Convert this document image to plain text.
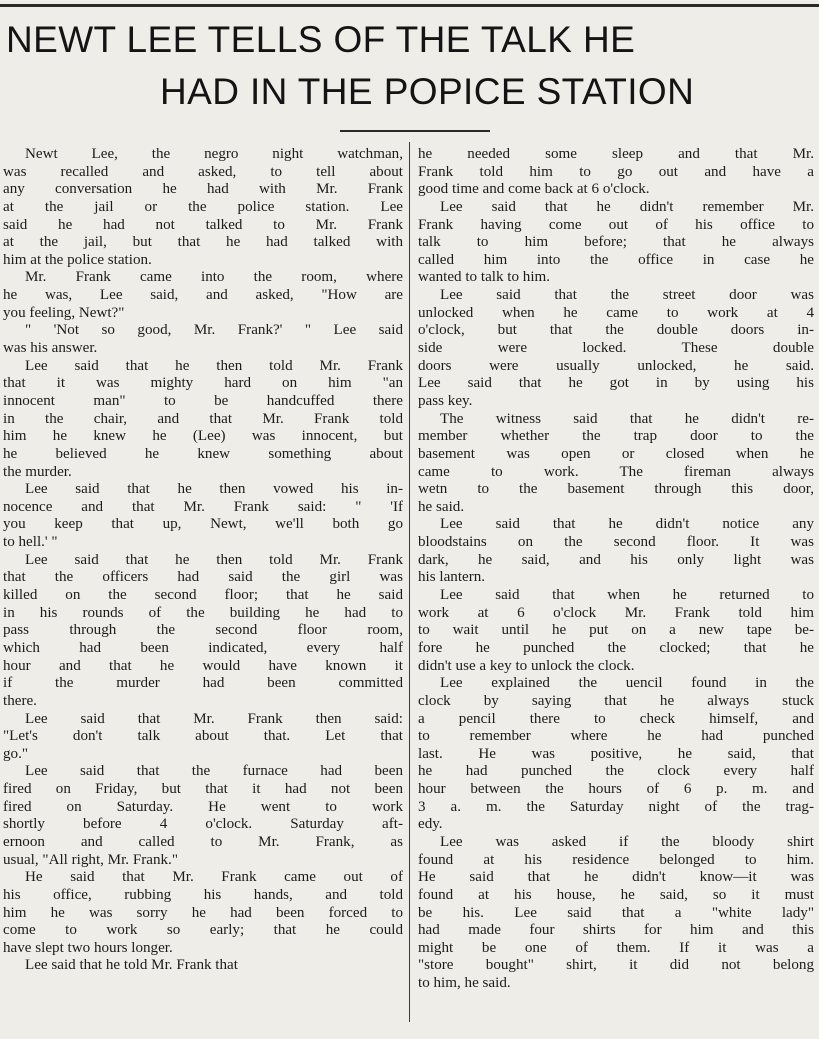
NEWT LEE TELLS OF THE TALK HE
HAD IN THE POPICE STATION

Newt Lee, the negro night watchman,
was recalled and asked, to tell about
any conversation he had with Mr. Frank
at the jail or the police station. Lee
said he had not talked to Mr. Frank
at the jail, but that he had talked with
him at the police station.

Mr. Frank came into the room, where
he was, Lee said, and asked, "How are
you feeling, Newt?"

" 'Not so good, Mr. Frank?' " Lee said
was his answer.

Lee said that he then told Mr. Frank
that it was mighty hard on him "an
innocent man" to be handcuffed there
in the chair, and that Mr. Frank told
him he knew he (Lee) was innocent, but
he believed he knew something about
the murder.

Lee said that he then vowed his in-
nocence and that Mr. Frank said: " 'If
you keep that up, Newt, we'll both go
to hell.' "

Lee said that he then told Mr. Frank
that the officers had said the girl was
killed on the second floor; that he said
in his rounds of the building he had to
pass through the second floor room,
which had been indicated, every half
hour and that he would have known it
if the murder had been committed
there.

Lee said that Mr. Frank then said:
"Let's don't talk about that. Let that
go."

Lee said that the furnace had been
fired on Friday, but that it had not been
fired on Saturday. He went to work
shortly before 4 o'clock. Saturday aft-
ernoon and called to Mr. Frank, as
usual, "All right, Mr. Frank."

He said that Mr. Frank came out of
his office, rubbing his hands, and told
him he was sorry he had been forced to
come to work so early; that he could
have slept two hours longer.

Lee said that he told Mr. Frank that

he needed some sleep and that Mr.
Frank told him to go out and have a
good time and come back at 6 o'clock.

Lee said that he didn't remember Mr.
Frank having come out of his office to
talk to him before; that he always
called him into the office in case he
wanted to talk to him.

Lee said that the street door was
unlocked when he came to work at 4
o'clock, but that the double doors in-
side were locked. These double
doors were usually unlocked, he said.
Lee said that he got in by using his
pass key.

The witness said that he didn't re-
member whether the trap door to the
basement was open or closed when he
came to work. The fireman always
wetn to the basement through this door,
he said.

Lee said that he didn't notice any
bloodstains on the second floor. It was
dark, he said, and his only light was
his lantern.

Lee said that when he returned to
work at 6 o'clock Mr. Frank told him
to wait until he put on a new tape be-
fore he punched the clocked; that he
didn't use a key to unlock the clock.

Lee explained the uencil found in the
clock by saying that he always stuck
a pencil there to check himself, and
to remember where he had punched
last. He was positive, he said, that
he had punched the clock every half
hour between the hours of 6 p. m. and
3 a. m. the Saturday night of the trag-
edy.

Lee was asked if the bloody shirt
found at his residence belonged to him.
He said that he didn't know—it was
found at his house, he said, so it must
be his. Lee said that a "white lady"
had made four shirts for him and this
might be one of them. If it was a
"store bought" shirt, it did not belong
to him, he said.
